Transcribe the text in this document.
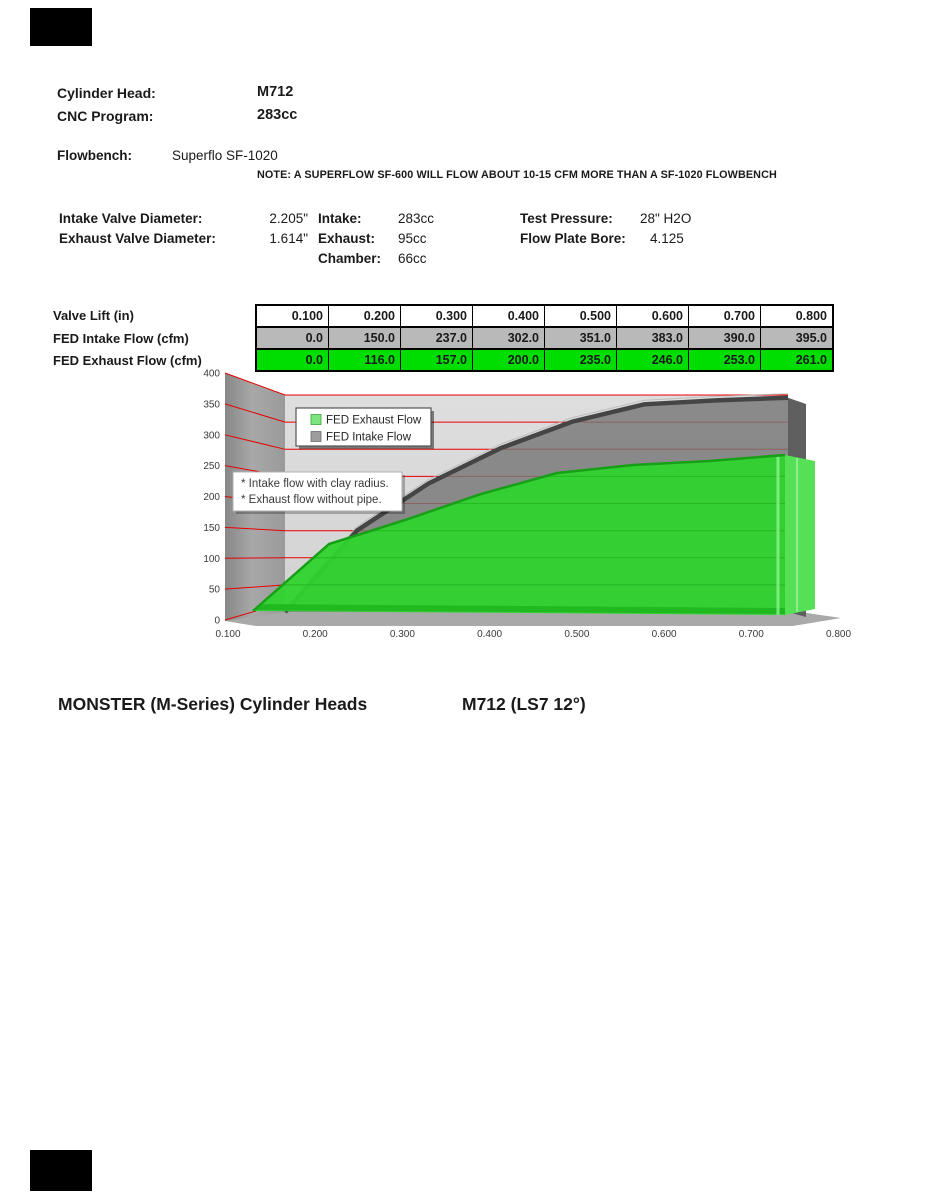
Cylinder Head:	M712
CNC Program:	283cc
Flowbench:	Superflo SF-1020
NOTE: A SUPERFLOW SF-600 WILL FLOW ABOUT 10-15 CFM MORE THAN A SF-1020 FLOWBENCH
Intake Valve Diameter:	2.205" Intake:	283cc	Test Pressure: 28" H2O
Exhaust Valve Diameter:	1.614" Exhaust: 95cc	Flow Plate Bore: 4.125
Chamber: 66cc
Valve Lift (in)	0.100	0.200	0.300	0.400	0.500	0.600	0.700	0.800
FED Intake Flow (cfm)	0.0	150.0	237.0	302.0	351.0	383.0	390.0	395.0
FED Exhaust Flow (cfm)	0.0	116.0	157.0	200.0	235.0	246.0	253.0	261.0
FED Exhaust Flow
FED Intake Flow
* Intake flow with clay radius.
* Exhaust flow without pipe.
0
50
100
150
200
250
300
350
400
0.100	0.200	0.300	0.400	0.500	0.600	0.700	0.800
MONSTER (M-Series) Cylinder Heads	M712 (LS7 12°)
